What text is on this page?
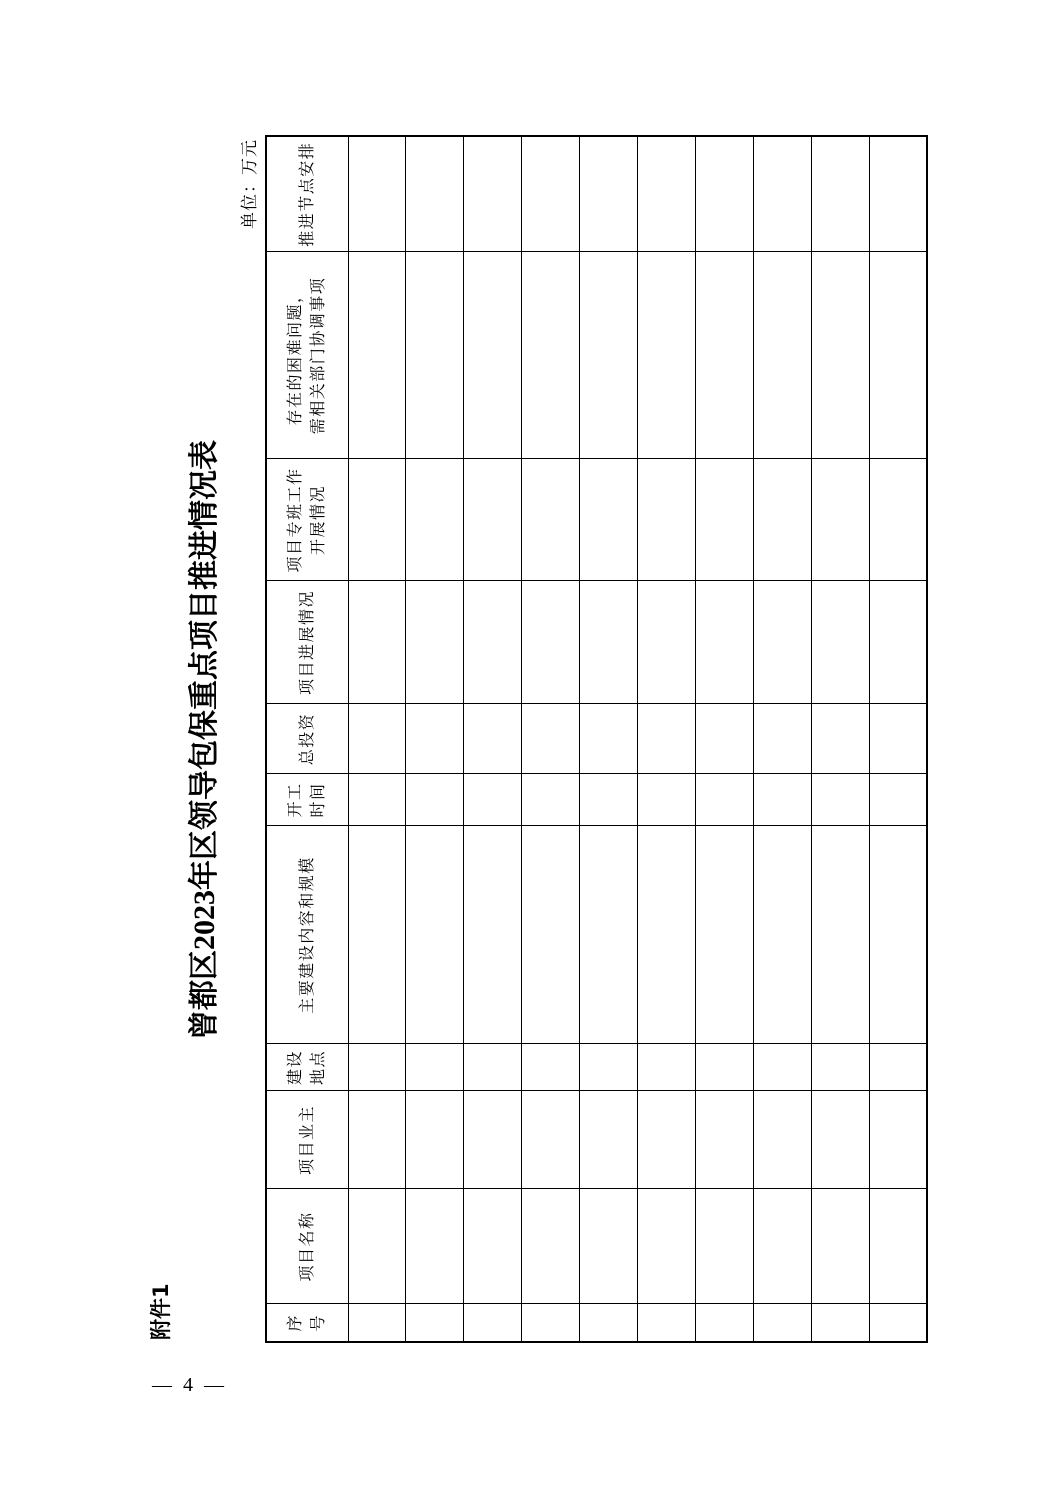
附件1
曾都区2023年区领导包保重点项目推进情况表
单位：万元
序 号	项目名称	项目业主	建设 地点	主要建设内容和规模	开工 时间	总投资	项目进展情况	项目专班工作 开展情况	存在的困难问题， 需相关部门协调事项	推进节点安排

— 4 —
